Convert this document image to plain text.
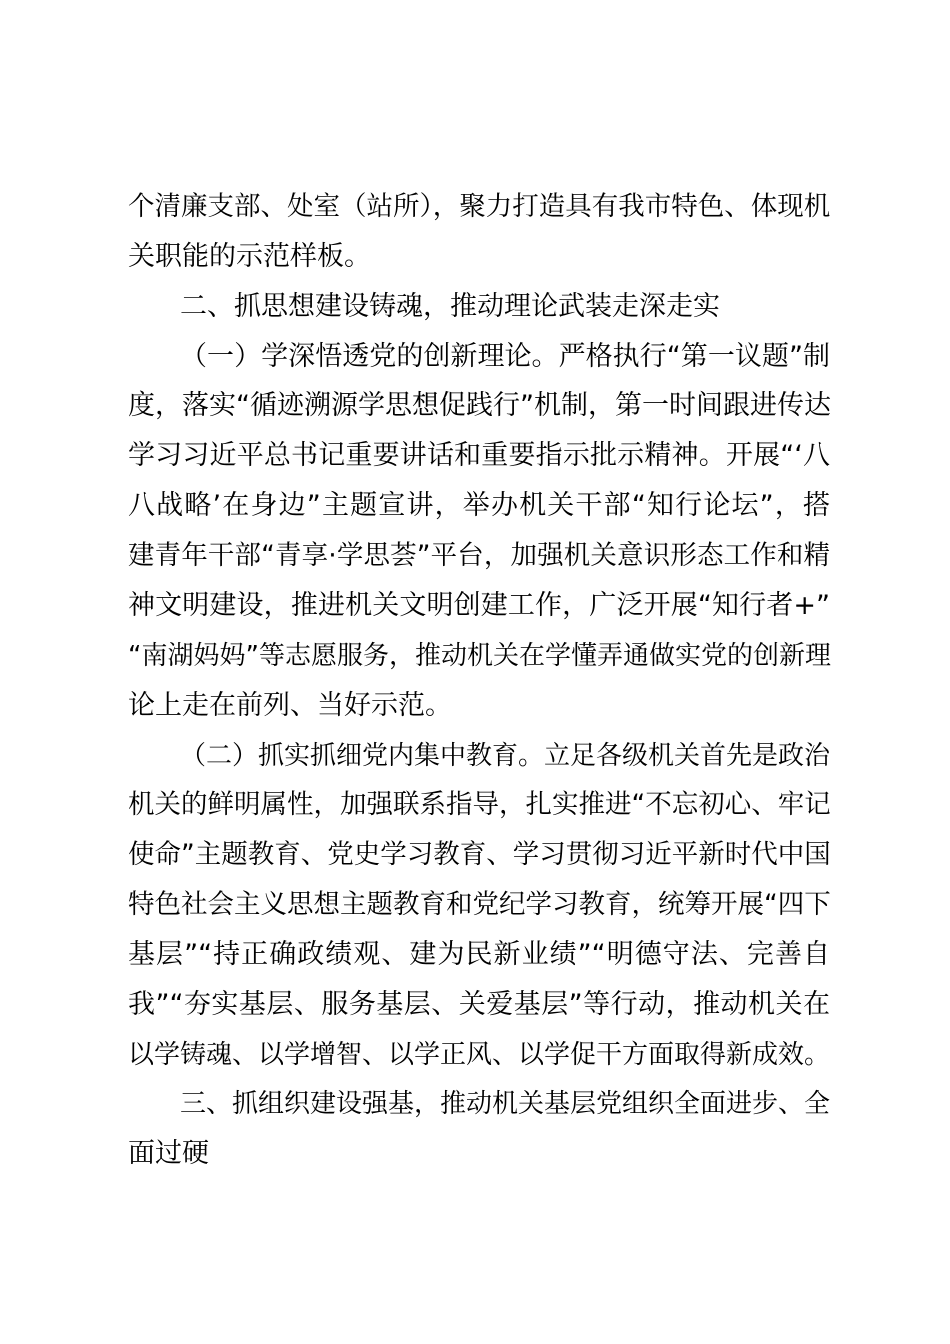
个清廉支部、处室（站所），聚力打造具有我市特色、体现机
关职能的示范样板。
二、抓思想建设铸魂，推动理论武装走深走实
（一）学深悟透党的创新理论。严格执行“第一议题”制
度，落实“循迹溯源学思想促践行”机制，第一时间跟进传达
学习习近平总书记重要讲话和重要指示批示精神。开展“‘八
八战略’在身边”主题宣讲，举办机关干部“知行论坛”，搭
建青年干部“青享·学思荟”平台，加强机关意识形态工作和精
神文明建设，推进机关文明创建工作，广泛开展“知行者+”
“南湖妈妈”等志愿服务，推动机关在学懂弄通做实党的创新理
论上走在前列、当好示范。
（二）抓实抓细党内集中教育。立足各级机关首先是政治
机关的鲜明属性，加强联系指导，扎实推进“不忘初心、牢记
使命”主题教育、党史学习教育、学习贯彻习近平新时代中国
特色社会主义思想主题教育和党纪学习教育，统筹开展“四下
基层”“持正确政绩观、建为民新业绩”“明德守法、完善自
我”“夯实基层、服务基层、关爱基层”等行动，推动机关在
以学铸魂、以学增智、以学正风、以学促干方面取得新成效。
三、抓组织建设强基，推动机关基层党组织全面进步、全
面过硬
